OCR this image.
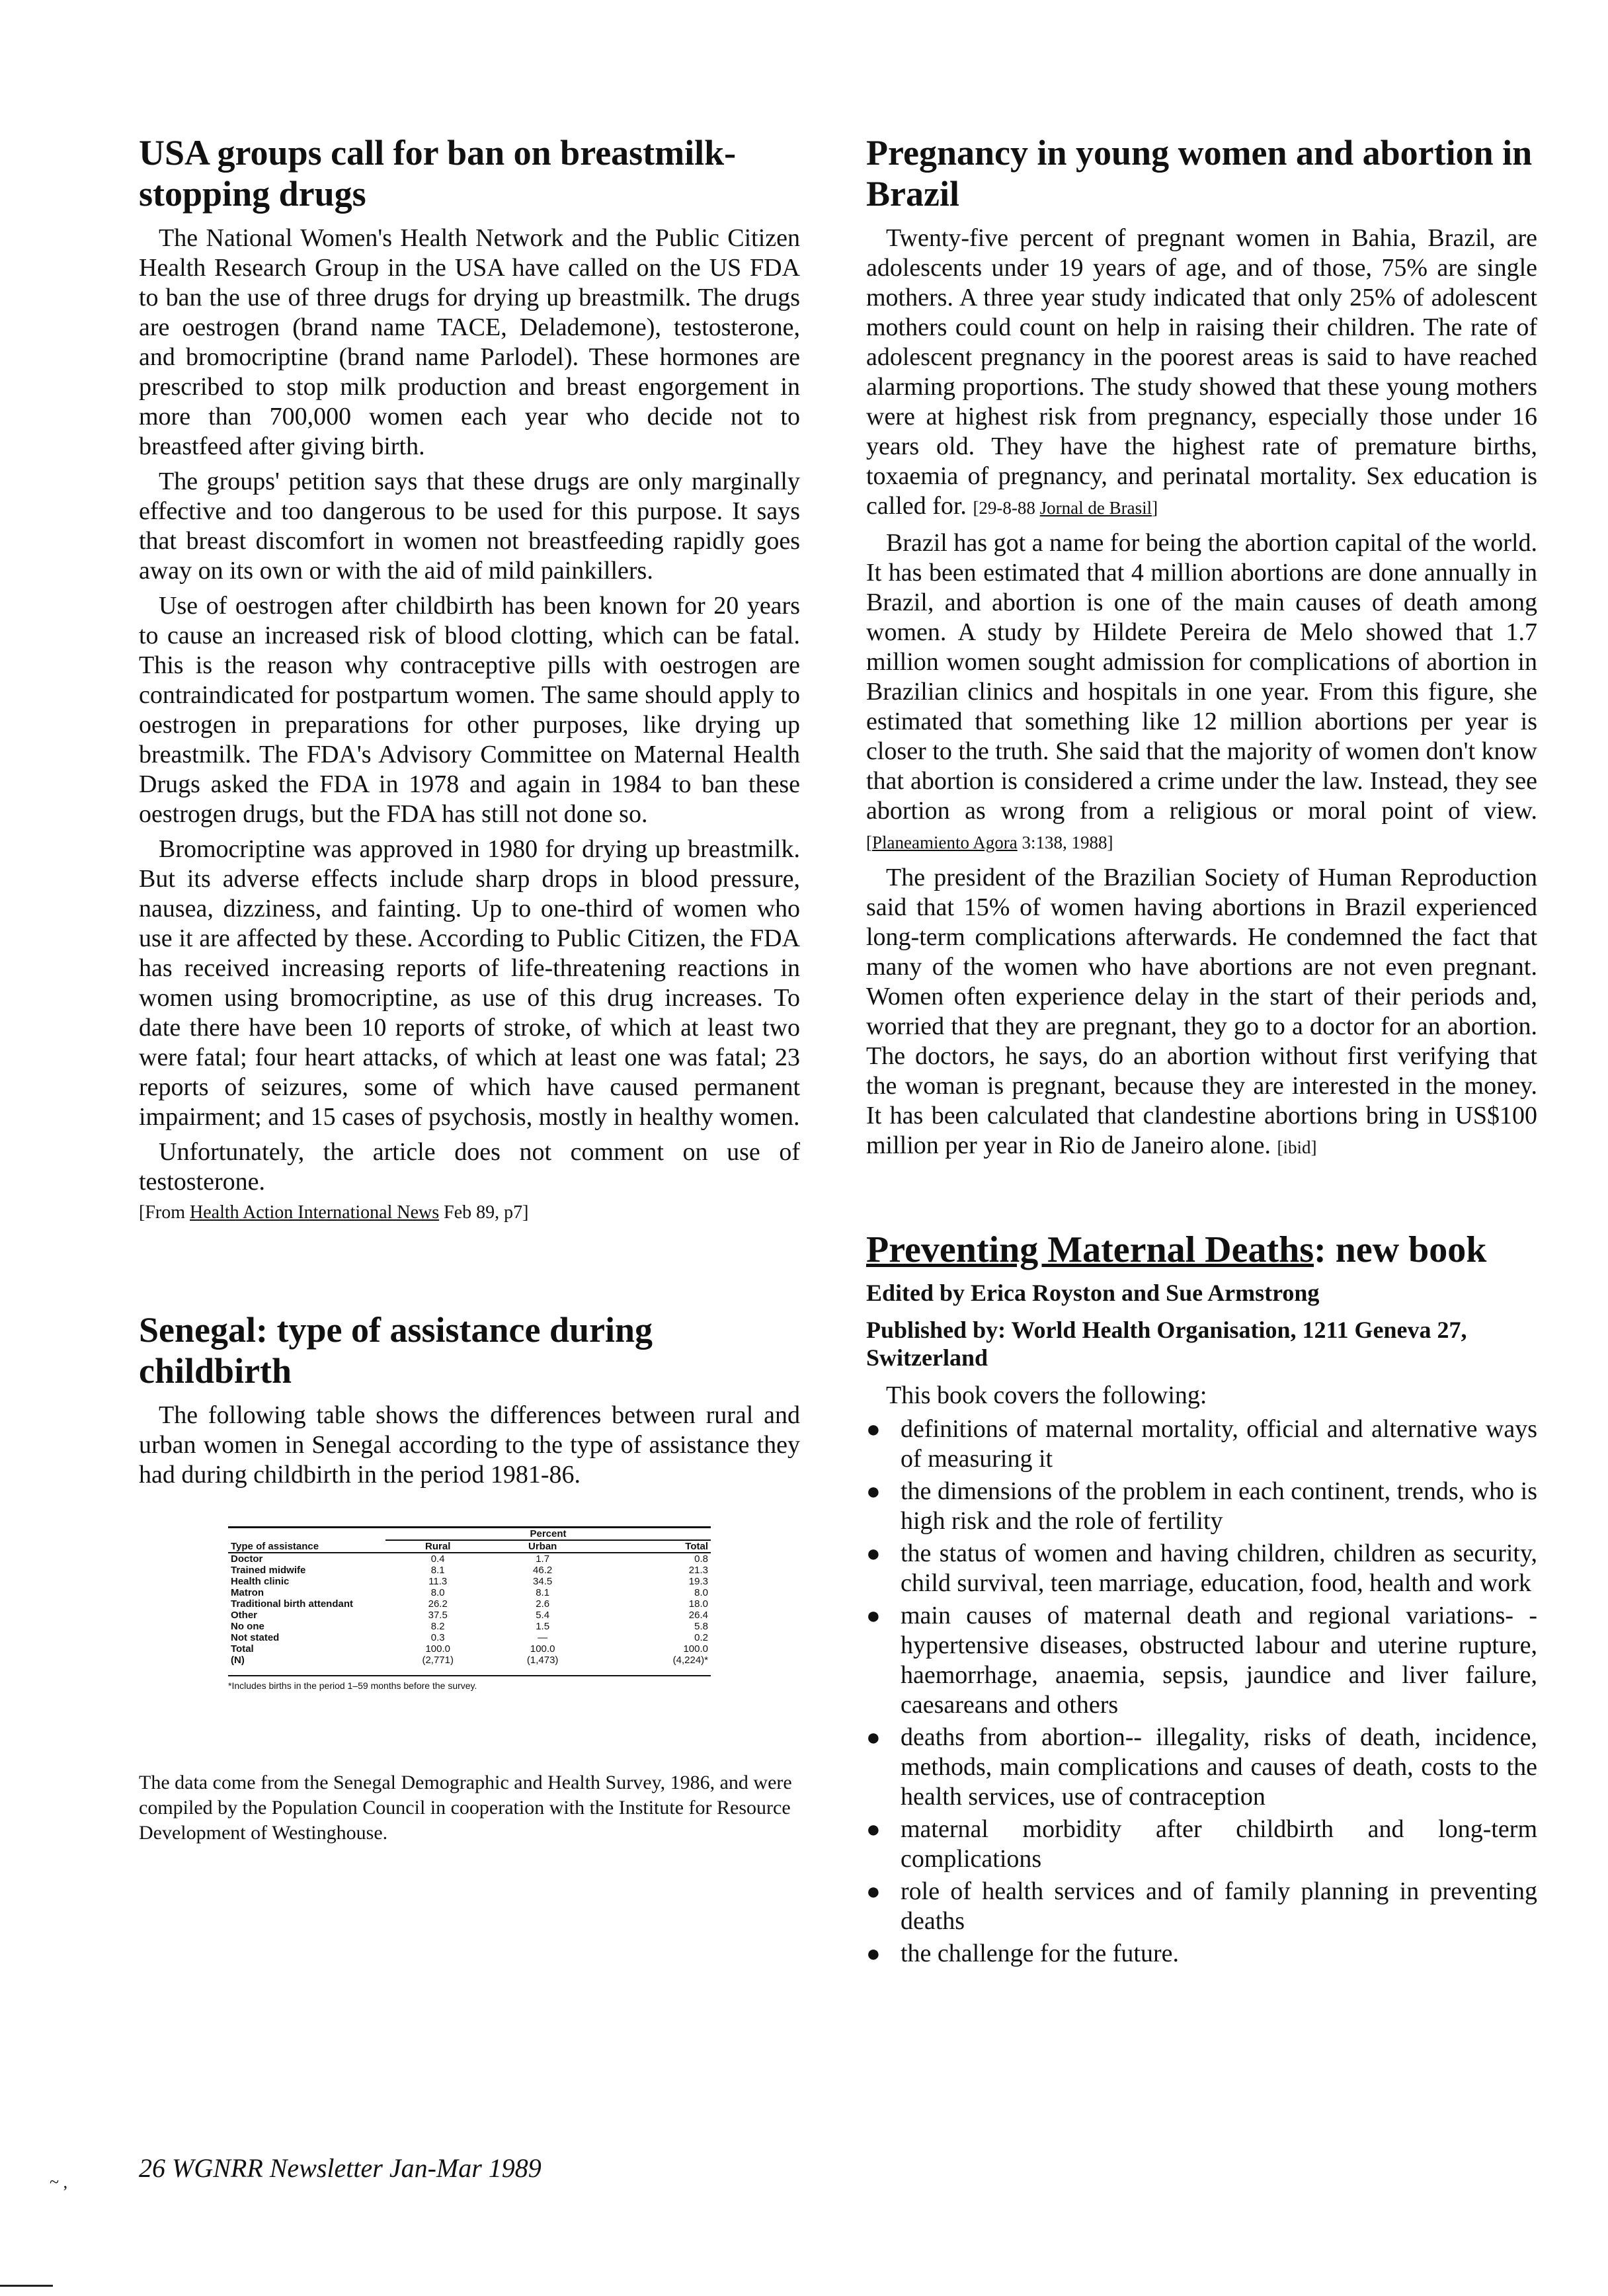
USA groups call for ban on breastmilk-stopping drugs

The National Women's Health Network and the Public Citizen Health Research Group in the USA have called on the US FDA to ban the use of three drugs for drying up breastmilk. The drugs are oestrogen (brand name TACE, Delademone), testosterone, and bromocriptine (brand name Parlodel). These hormones are prescribed to stop milk production and breast engorgement in more than 700,000 women each year who decide not to breastfeed after giving birth.

The groups' petition says that these drugs are only marginally effective and too dangerous to be used for this purpose. It says that breast discomfort in women not breastfeeding rapidly goes away on its own or with the aid of mild painkillers.

Use of oestrogen after childbirth has been known for 20 years to cause an increased risk of blood clotting, which can be fatal. This is the reason why contraceptive pills with oestrogen are contraindicated for postpartum women. The same should apply to oestrogen in preparations for other purposes, like drying up breastmilk. The FDA's Advisory Committee on Maternal Health Drugs asked the FDA in 1978 and again in 1984 to ban these oestrogen drugs, but the FDA has still not done so.

Bromocriptine was approved in 1980 for drying up breastmilk. But its adverse effects include sharp drops in blood pressure, nausea, dizziness, and fainting. Up to one-third of women who use it are affected by these. According to Public Citizen, the FDA has received increasing reports of life-threatening reactions in women using bromocriptine, as use of this drug increases. To date there have been 10 reports of stroke, of which at least two were fatal; four heart attacks, of which at least one was fatal; 23 reports of seizures, some of which have caused permanent impairment; and 15 cases of psychosis, mostly in healthy women.

Unfortunately, the article does not comment on use of testosterone.

[From Health Action International News Feb 89, p7]
Senegal: type of assistance during childbirth

The following table shows the differences between rural and urban women in Senegal according to the type of assistance they had during childbirth in the period 1981-86.

	Percent		
Type of assistance	Rural	Urban	Total
Doctor	0.4	1.7	0.8
Trained midwife	8.1	46.2	21.3
Health clinic	11.3	34.5	19.3
Matron	8.0	8.1	8.0
Traditional birth attendant	26.2	2.6	18.0
Other	37.5	5.4	26.4
No one	8.2	1.5	5.8
Not stated	0.3	—	0.2
Total	100.0	100.0	100.0
(N)	(2,771)	(1,473)	(4,224)*
*Includes births in the period 1–59 months before the survey.
The data come from the Senegal Demographic and Health Survey, 1986, and were compiled by the Population Council in cooperation with the Institute for Resource Development of Westinghouse.
Pregnancy in young women and abortion in Brazil

Twenty-five percent of pregnant women in Bahia, Brazil, are adolescents under 19 years of age, and of those, 75% are single mothers. A three year study indicated that only 25% of adolescent mothers could count on help in raising their children. The rate of adolescent pregnancy in the poorest areas is said to have reached alarming proportions. The study showed that these young mothers were at highest risk from pregnancy, especially those under 16 years old. They have the highest rate of premature births, toxaemia of pregnancy, and perinatal mortality. Sex education is called for. [29-8-88 Jornal de Brasil]

Brazil has got a name for being the abortion capital of the world. It has been estimated that 4 million abortions are done annually in Brazil, and abortion is one of the main causes of death among women. A study by Hildete Pereira de Melo showed that 1.7 million women sought admission for complications of abortion in Brazilian clinics and hospitals in one year. From this figure, she estimated that something like 12 million abortions per year is closer to the truth. She said that the majority of women don't know that abortion is considered a crime under the law. Instead, they see abortion as wrong from a religious or moral point of view. [Planeamiento Agora 3:138, 1988]

The president of the Brazilian Society of Human Reproduction said that 15% of women having abortions in Brazil experienced long-term complications afterwards. He condemned the fact that many of the women who have abortions are not even pregnant. Women often experience delay in the start of their periods and, worried that they are pregnant, they go to a doctor for an abortion. The doctors, he says, do an abortion without first verifying that the woman is pregnant, because they are interested in the money. It has been calculated that clandestine abortions bring in US$100 million per year in Rio de Janeiro alone. [ibid]

Preventing Maternal Deaths: new book
Edited by Erica Royston and Sue Armstrong
Published by: World Health Organisation, 1211 Geneva 27, Switzerland
This book covers the following:
● definitions of maternal mortality, official and alternative ways of measuring it
● the dimensions of the problem in each continent, trends, who is high risk and the role of fertility
● the status of women and having children, children as security, child survival, teen marriage, education, food, health and work
● main causes of maternal death and regional variations- - hypertensive diseases, obstructed labour and uterine rupture, haemorrhage, anaemia, sepsis, jaundice and liver failure, caesareans and others
● deaths from abortion-- illegality, risks of death, incidence, methods, main complications and causes of death, costs to the health services, use of contraception
● maternal morbidity after childbirth and long-term complications
● role of health services and of family planning in preventing deaths
● the challenge for the future.
26 WGNRR Newsletter Jan-Mar 1989
~ ,
